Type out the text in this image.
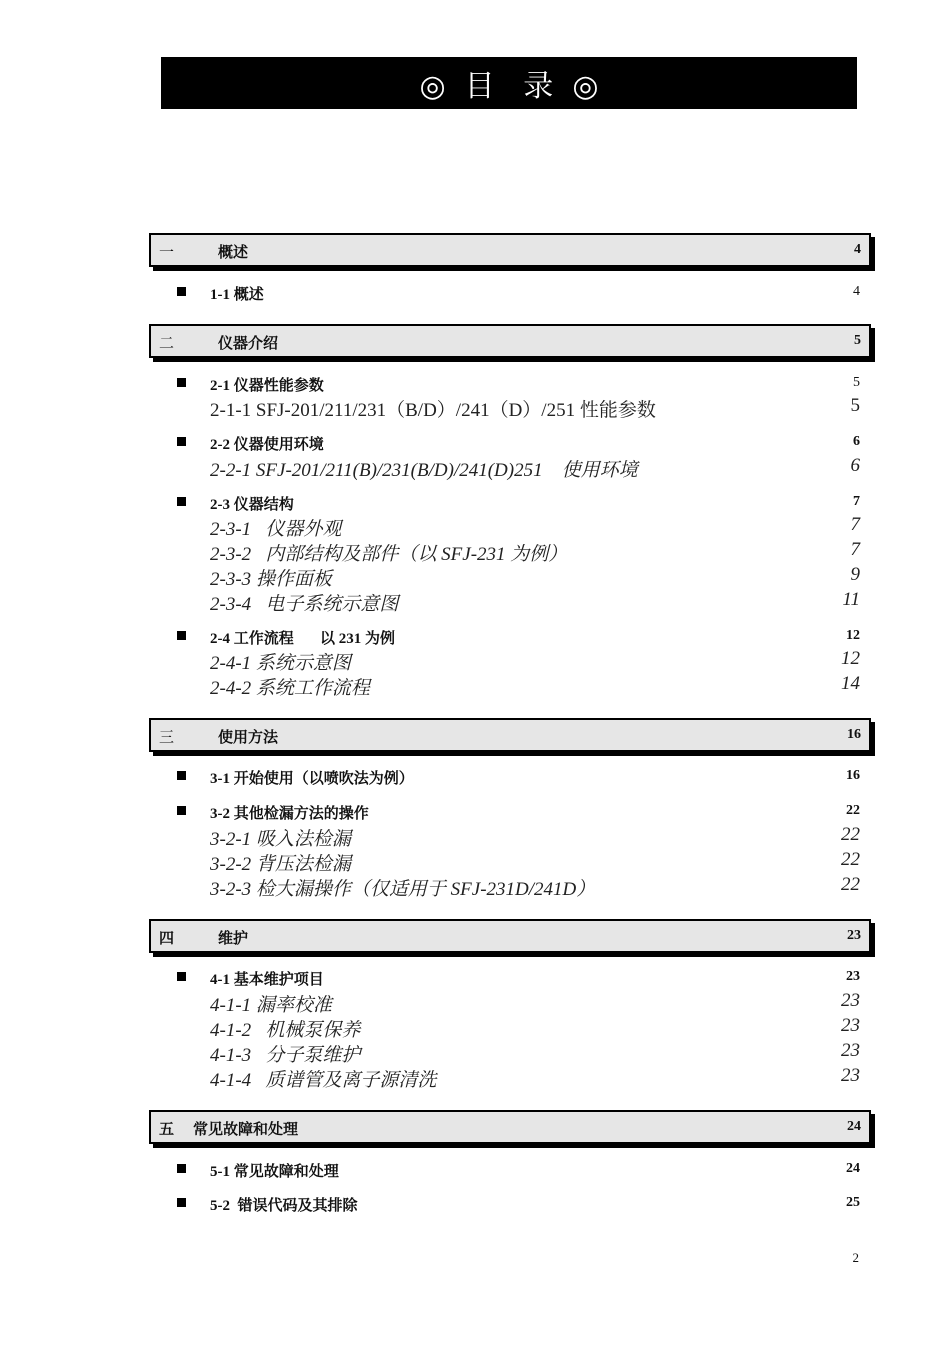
◎  目   录  ◎
一	概述	4
1-1 概述	4
二	仪器介绍	5
2-1 仪器性能参数	5
2-1-1 SFJ-201/211/231（B/D）/241（D）/251 性能参数	5
2-2 仪器使用环境	6
2-2-1 SFJ-201/211(B)/231(B/D)/241(D)251    使用环境	6
2-3 仪器结构	7
2-3-1   仪器外观	7
2-3-2   内部结构及部件（以 SFJ-231 为例）	7
2-3-3 操作面板	9
2-3-4   电子系统示意图	11
2-4 工作流程       以 231 为例	12
2-4-1 系统示意图	12
2-4-2 系统工作流程	14
三	使用方法	16
3-1 开始使用（以喷吹法为例）	16
3-2 其他检漏方法的操作	22
3-2-1 吸入法检漏	22
3-2-2 背压法检漏	22
3-2-3 检大漏操作（仅适用于 SFJ-231D/241D）	22
四	维护	23
4-1 基本维护项目	23
4-1-1 漏率校准	23
4-1-2   机械泵保养	23
4-1-3   分子泵维护	23
4-1-4   质谱管及离子源清洗	23
五 常见故障和处理	24
5-1 常见故障和处理	24
5-2  错误代码及其排除	25
2
